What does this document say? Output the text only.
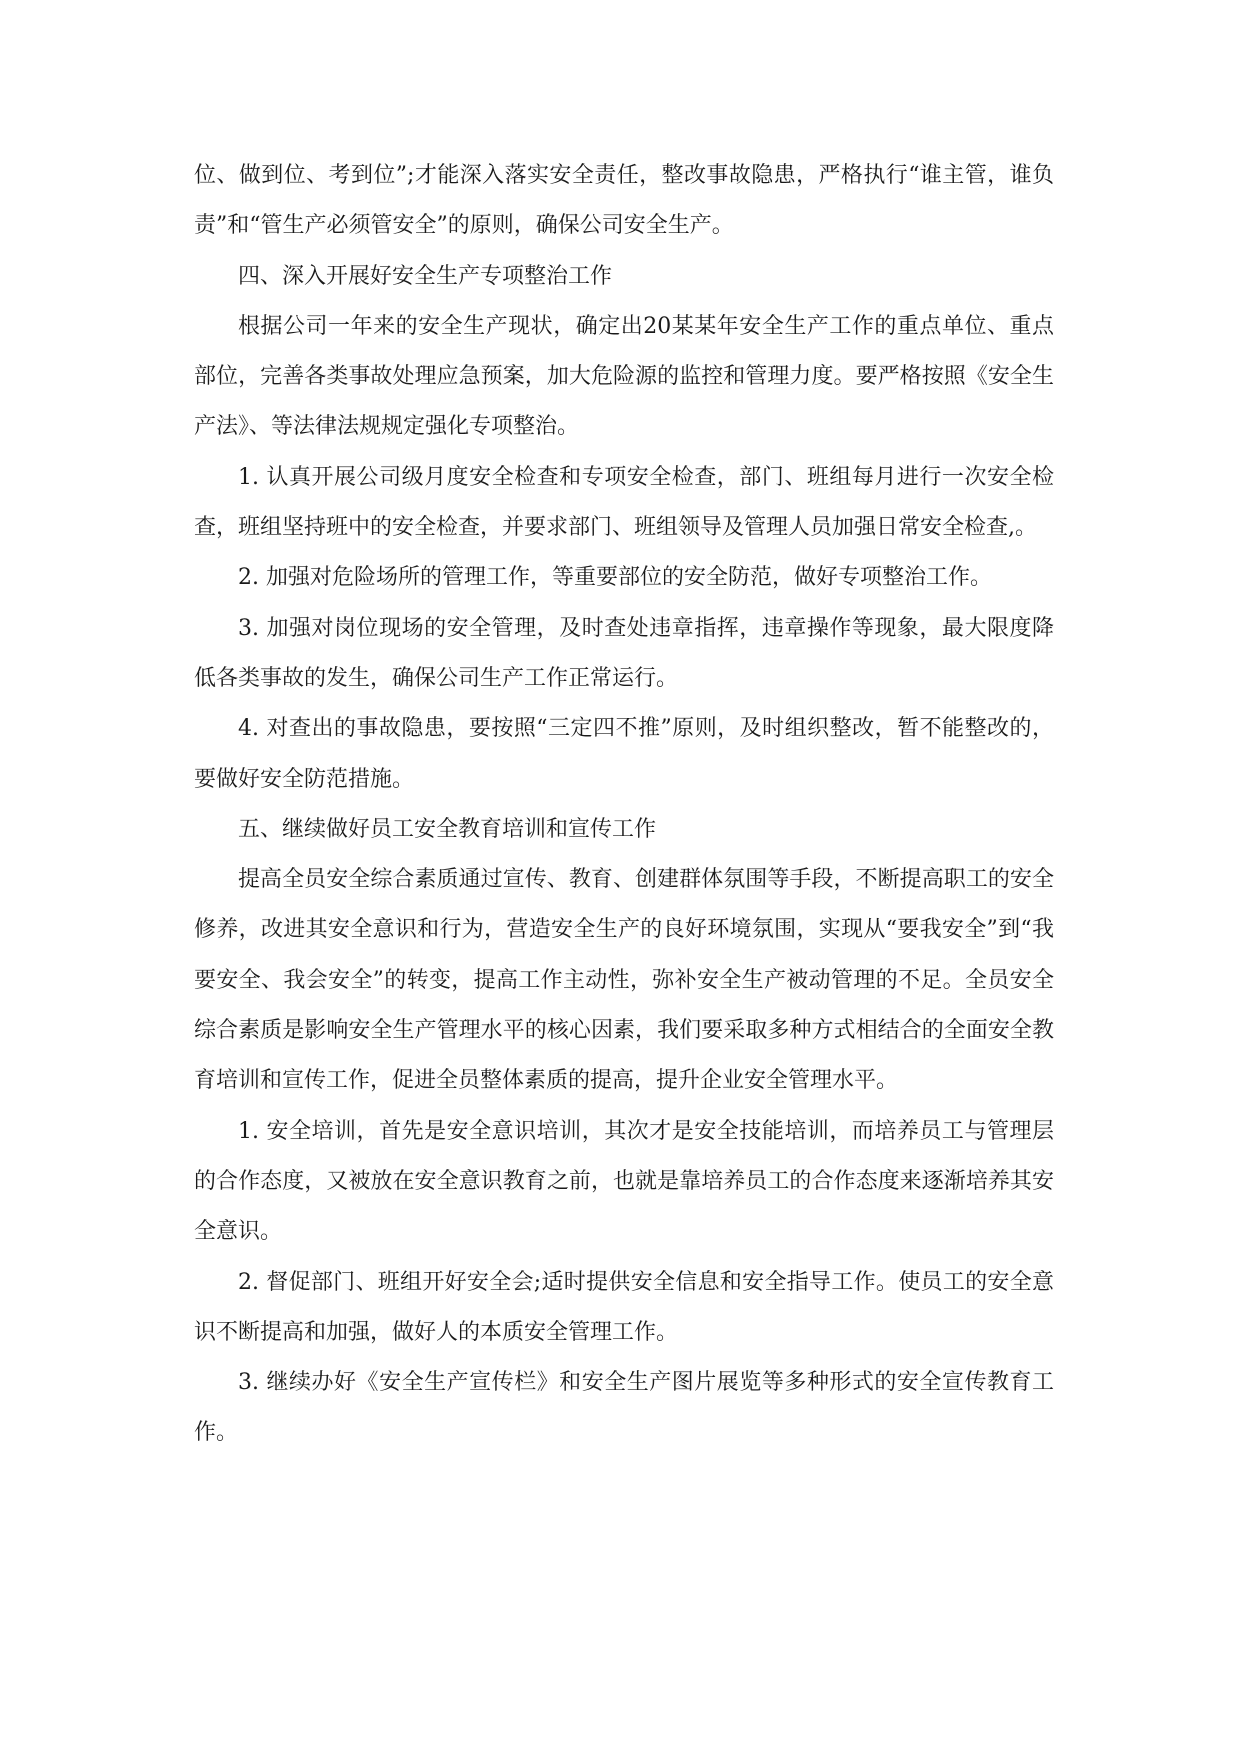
位、做到位、考到位”;才能深入落实安全责任，整改事故隐患，严格执行“谁主管，谁负责”和“管生产必须管安全”的原则，确保公司安全生产。

四、深入开展好安全生产专项整治工作

根据公司一年来的安全生产现状，确定出20某某年安全生产工作的重点单位、重点部位，完善各类事故处理应急预案，加大危险源的监控和管理力度。要严格按照《安全生产法》、等法律法规规定强化专项整治。

1. 认真开展公司级月度安全检查和专项安全检查，部门、班组每月进行一次安全检查，班组坚持班中的安全检查，并要求部门、班组领导及管理人员加强日常安全检查,。

2. 加强对危险场所的管理工作，等重要部位的安全防范，做好专项整治工作。

3. 加强对岗位现场的安全管理，及时查处违章指挥，违章操作等现象，最大限度降低各类事故的发生，确保公司生产工作正常运行。

4. 对查出的事故隐患，要按照“三定四不推”原则，及时组织整改，暂不能整改的，要做好安全防范措施。

五、继续做好员工安全教育培训和宣传工作

提高全员安全综合素质通过宣传、教育、创建群体氛围等手段，不断提高职工的安全修养，改进其安全意识和行为，营造安全生产的良好环境氛围，实现从“要我安全”到“我要安全、我会安全”的转变，提高工作主动性，弥补安全生产被动管理的不足。全员安全综合素质是影响安全生产管理水平的核心因素，我们要采取多种方式相结合的全面安全教育培训和宣传工作，促进全员整体素质的提高，提升企业安全管理水平。

1. 安全培训，首先是安全意识培训，其次才是安全技能培训，而培养员工与管理层的合作态度，又被放在安全意识教育之前，也就是靠培养员工的合作态度来逐渐培养其安全意识。

2. 督促部门、班组开好安全会;适时提供安全信息和安全指导工作。使员工的安全意识不断提高和加强，做好人的本质安全管理工作。

3. 继续办好《安全生产宣传栏》和安全生产图片展览等多种形式的安全宣传教育工作。
